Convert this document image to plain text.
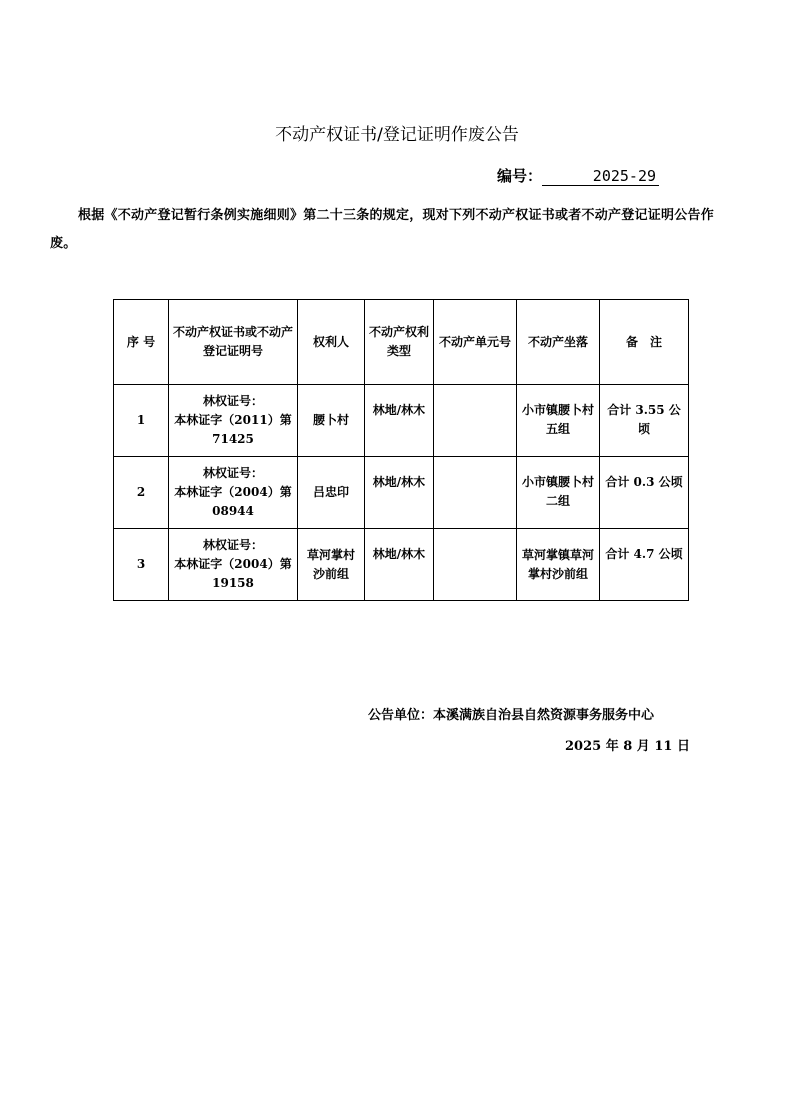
不动产权证书/登记证明作废公告
编号：	2025-29
根据《不动产登记暂行条例实施细则》第二十三条的规定，现对下列不动产权证书或者不动产登记证明公告作废。
序 号	不动产权证书或不动产登记证明号	权利人	不动产权利类型	不动产单元号	不动产坐落	备　注
1	林权证号：
本林证字（2011）第 71425	腰卜村	林地/林木		小市镇腰卜村五组	合计 3.55 公顷
2	林权证号：
本林证字（2004）第 08944	吕忠印	林地/林木		小市镇腰卜村二组	合计 0.3 公顷
3	林权证号：
本林证字（2004）第 19158	草河掌村沙前组	林地/林木		草河掌镇草河掌村沙前组	合计 4.7 公顷
公告单位：本溪满族自治县自然资源事务服务中心
2025 年 8 月 11 日
